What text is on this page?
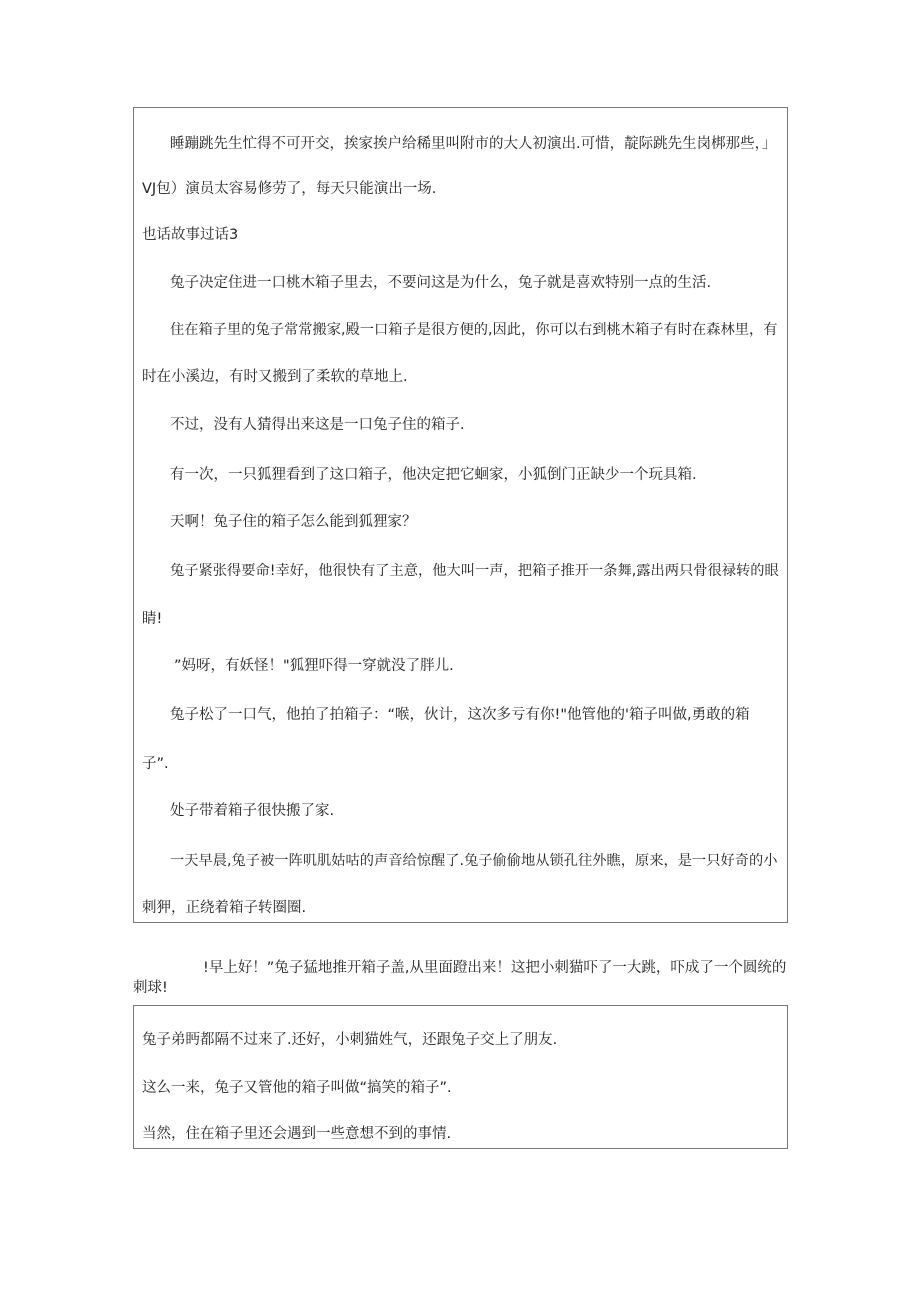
睡蹦跳先生忙得不可开交，挨家挨户给稀里叫附市的大人初演出.可惜，靛际跳先生岗梆那些，」
VJ包）演员太容易修劳了，每天只能演出一场.
也话故事过话3
兔子决定住进一口桃木箱子里去，不要问这是为什么，兔子就是喜欢特别一点的生活.
住在箱子里的兔子常常搬家,殿一口箱子是很方便的,因此，你可以右到桃木箱子有时在森林里，有
时在小溪边，有时又搬到了柔软的草地上.
不过，没有人猜得出来这是一口兔子住的箱子.
有一次，一只狐狸看到了这口箱子，他决定把它蛔家，小狐倒门正缺少一个玩具箱.
天啊！兔子住的箱子怎么能到狐狸家？
兔子紧张得要命!幸好，他很快有了主意，他大叫一声，把箱子推开一条舞,露出两只骨很禄转的眼
睛!
”妈呀，有妖怪！"狐狸吓得一穿就没了胖儿.
兔子松了一口气，他拍了拍箱子：“喉，伙计，这次多亏有你!"他管他的'箱子叫做,勇敢的箱
子”.
处子带着箱子很快搬了家.
一天早晨,兔子被一阵叽肌姑咕的声音给惊醒了.兔子偷偷地从锁孔往外瞧，原来，是一只好奇的小
刺狎，正绕着箱子转圈圈.
!早上好！”兔子猛地推开箱子盖,从里面蹬出来！这把小刺猫吓了一大跳，吓成了一个圆统的刺球!
兔子弟眄都隔不过来了.还好，小刺猫姓气，还跟兔子交上了朋友.
这么一来，兔子又管他的箱子叫做“搞笑的箱子”.
当然，住在箱子里还会遇到一些意想不到的事情.
